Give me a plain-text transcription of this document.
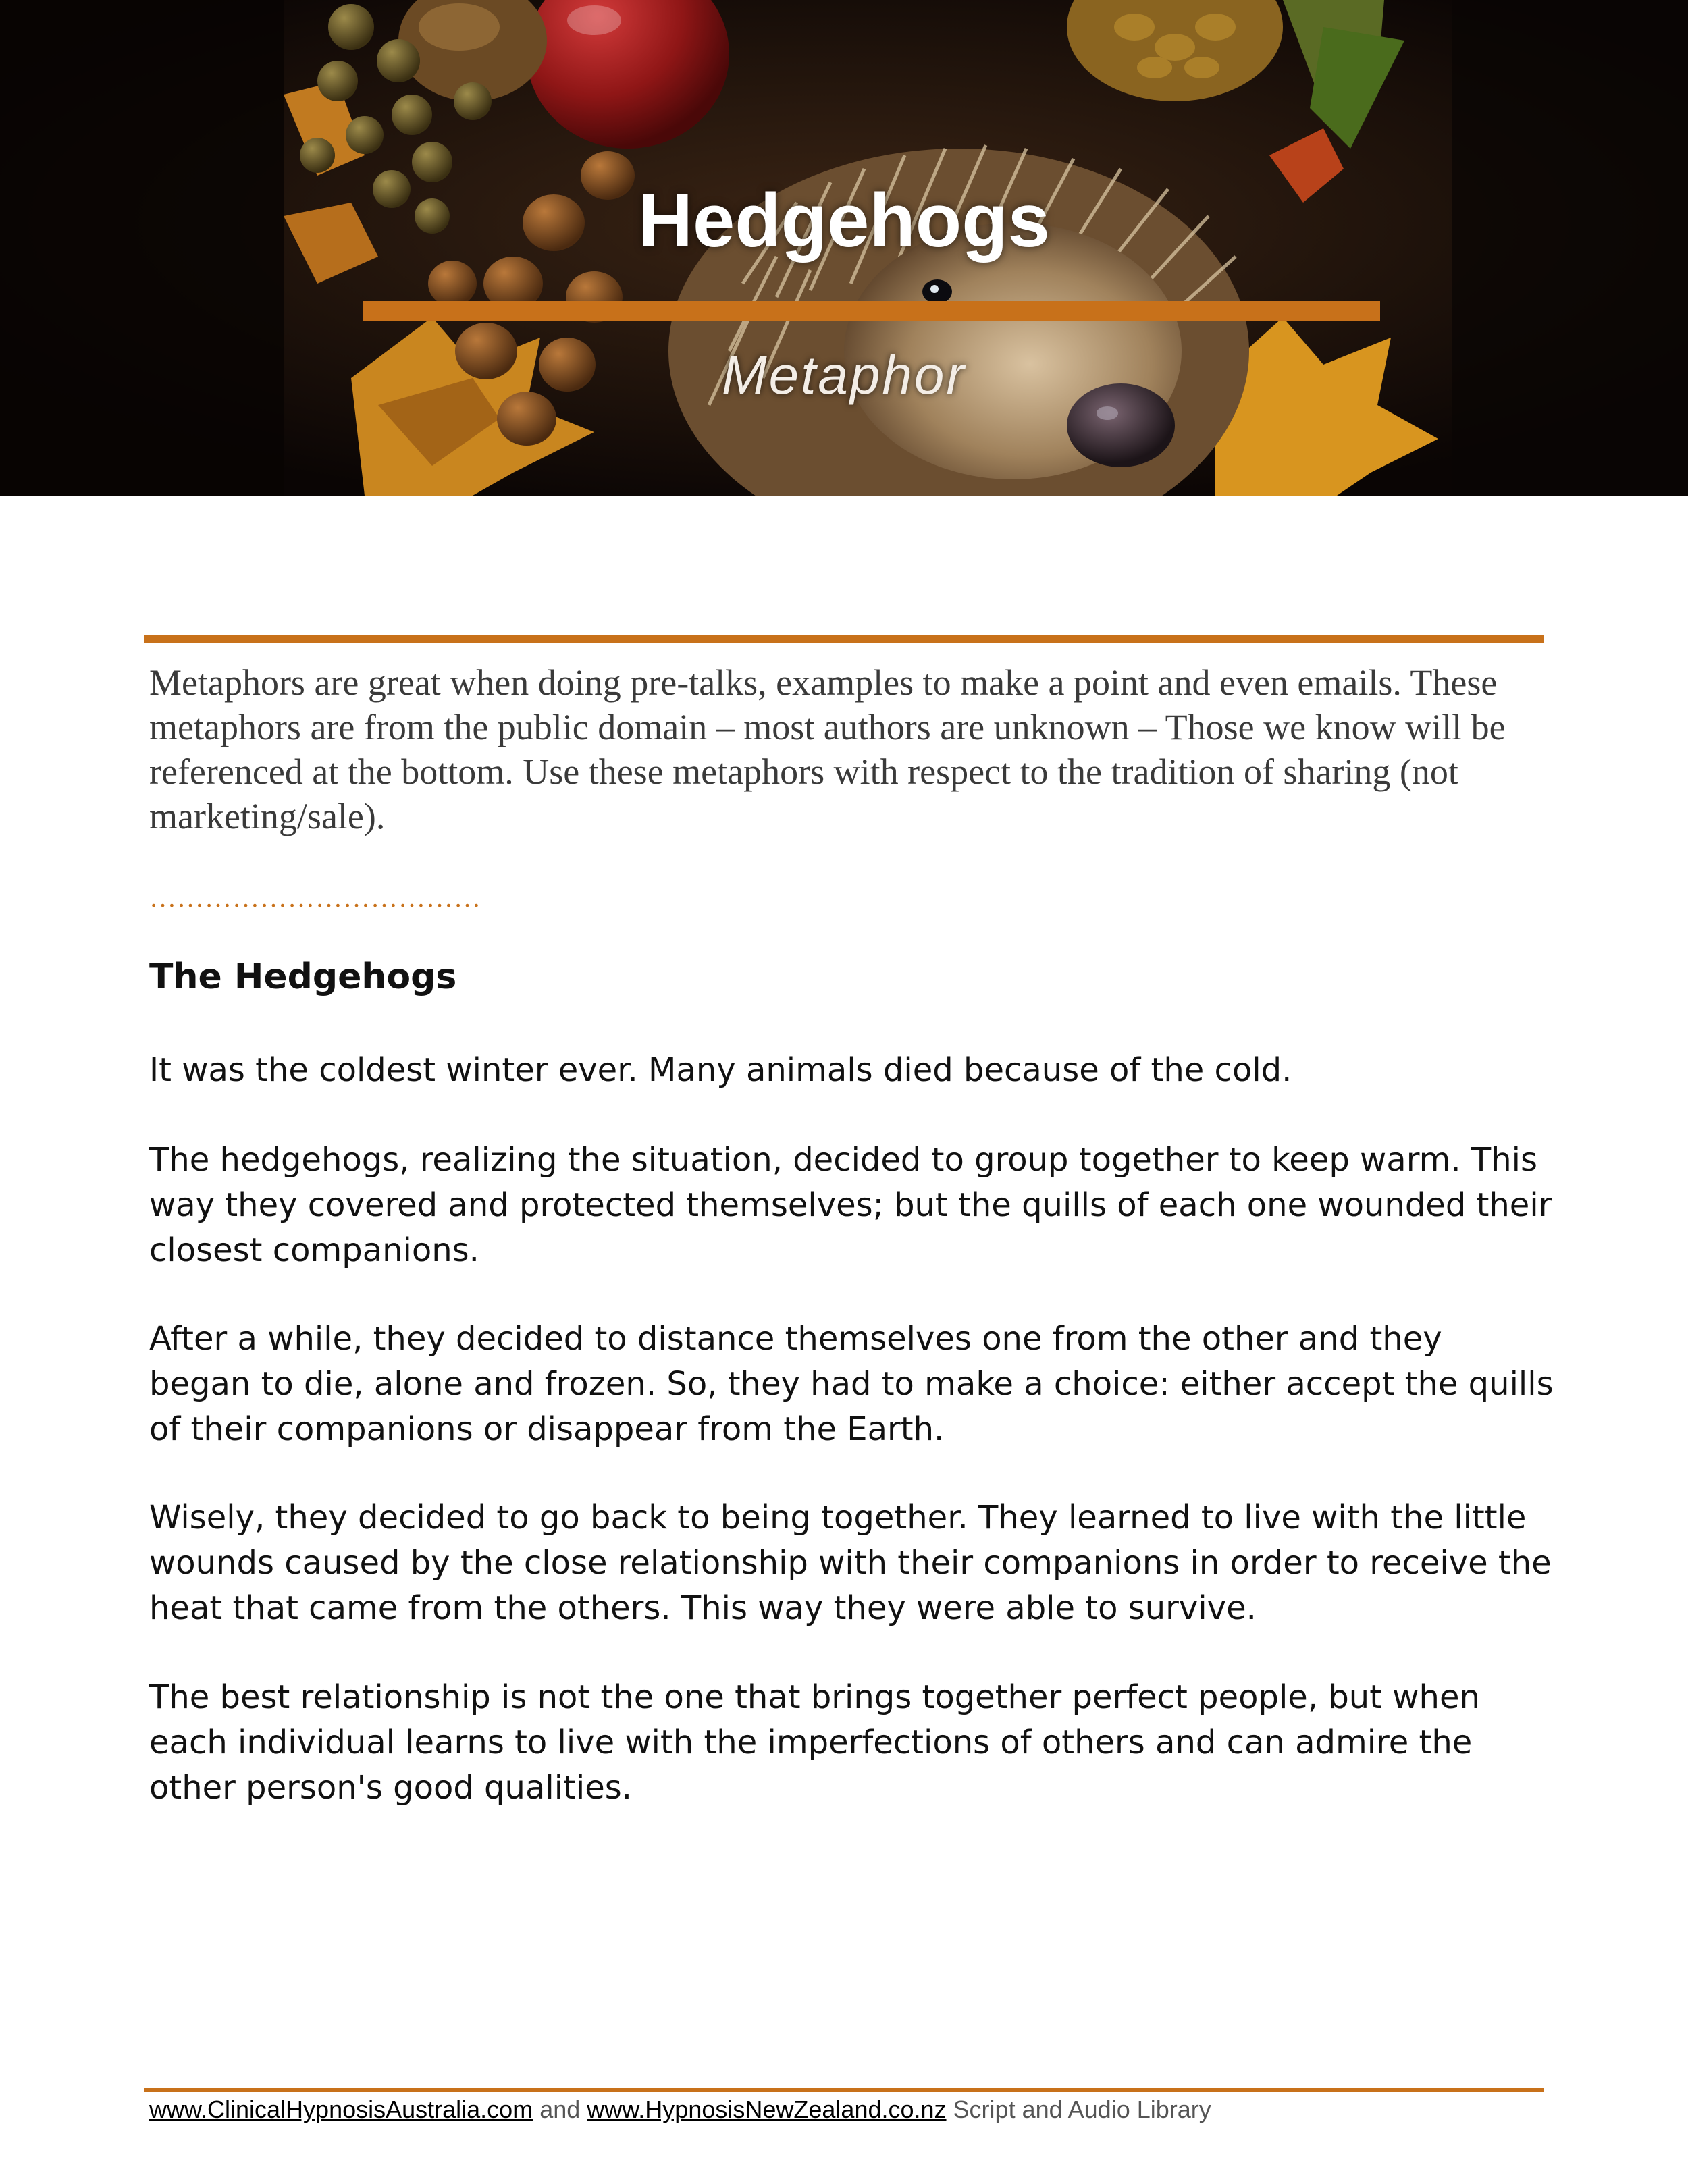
Hedgehogs
Metaphor

Metaphors are great when doing pre-talks, examples to make a point and even emails. These metaphors are from the public domain – most authors are unknown – Those we know will be referenced at the bottom. Use these metaphors with respect to the tradition of sharing (not marketing/sale).

………………………………

The Hedgehogs

It was the coldest winter ever. Many animals died because of the cold.

The hedgehogs, realizing the situation, decided to group together to keep warm. This way they covered and protected themselves; but the quills of each one wounded their closest companions.

After a while, they decided to distance themselves one from the other and they began to die, alone and frozen. So, they had to make a choice: either accept the quills of their companions or disappear from the Earth.

Wisely, they decided to go back to being together. They learned to live with the little wounds caused by the close relationship with their companions in order to receive the heat that came from the others. This way they were able to survive.

The best relationship is not the one that brings together perfect people, but when each individual learns to live with the imperfections of others and can admire the other person's good qualities.

www.ClinicalHypnosisAustralia.com and www.HypnosisNewZealand.co.nz Script and Audio Library
